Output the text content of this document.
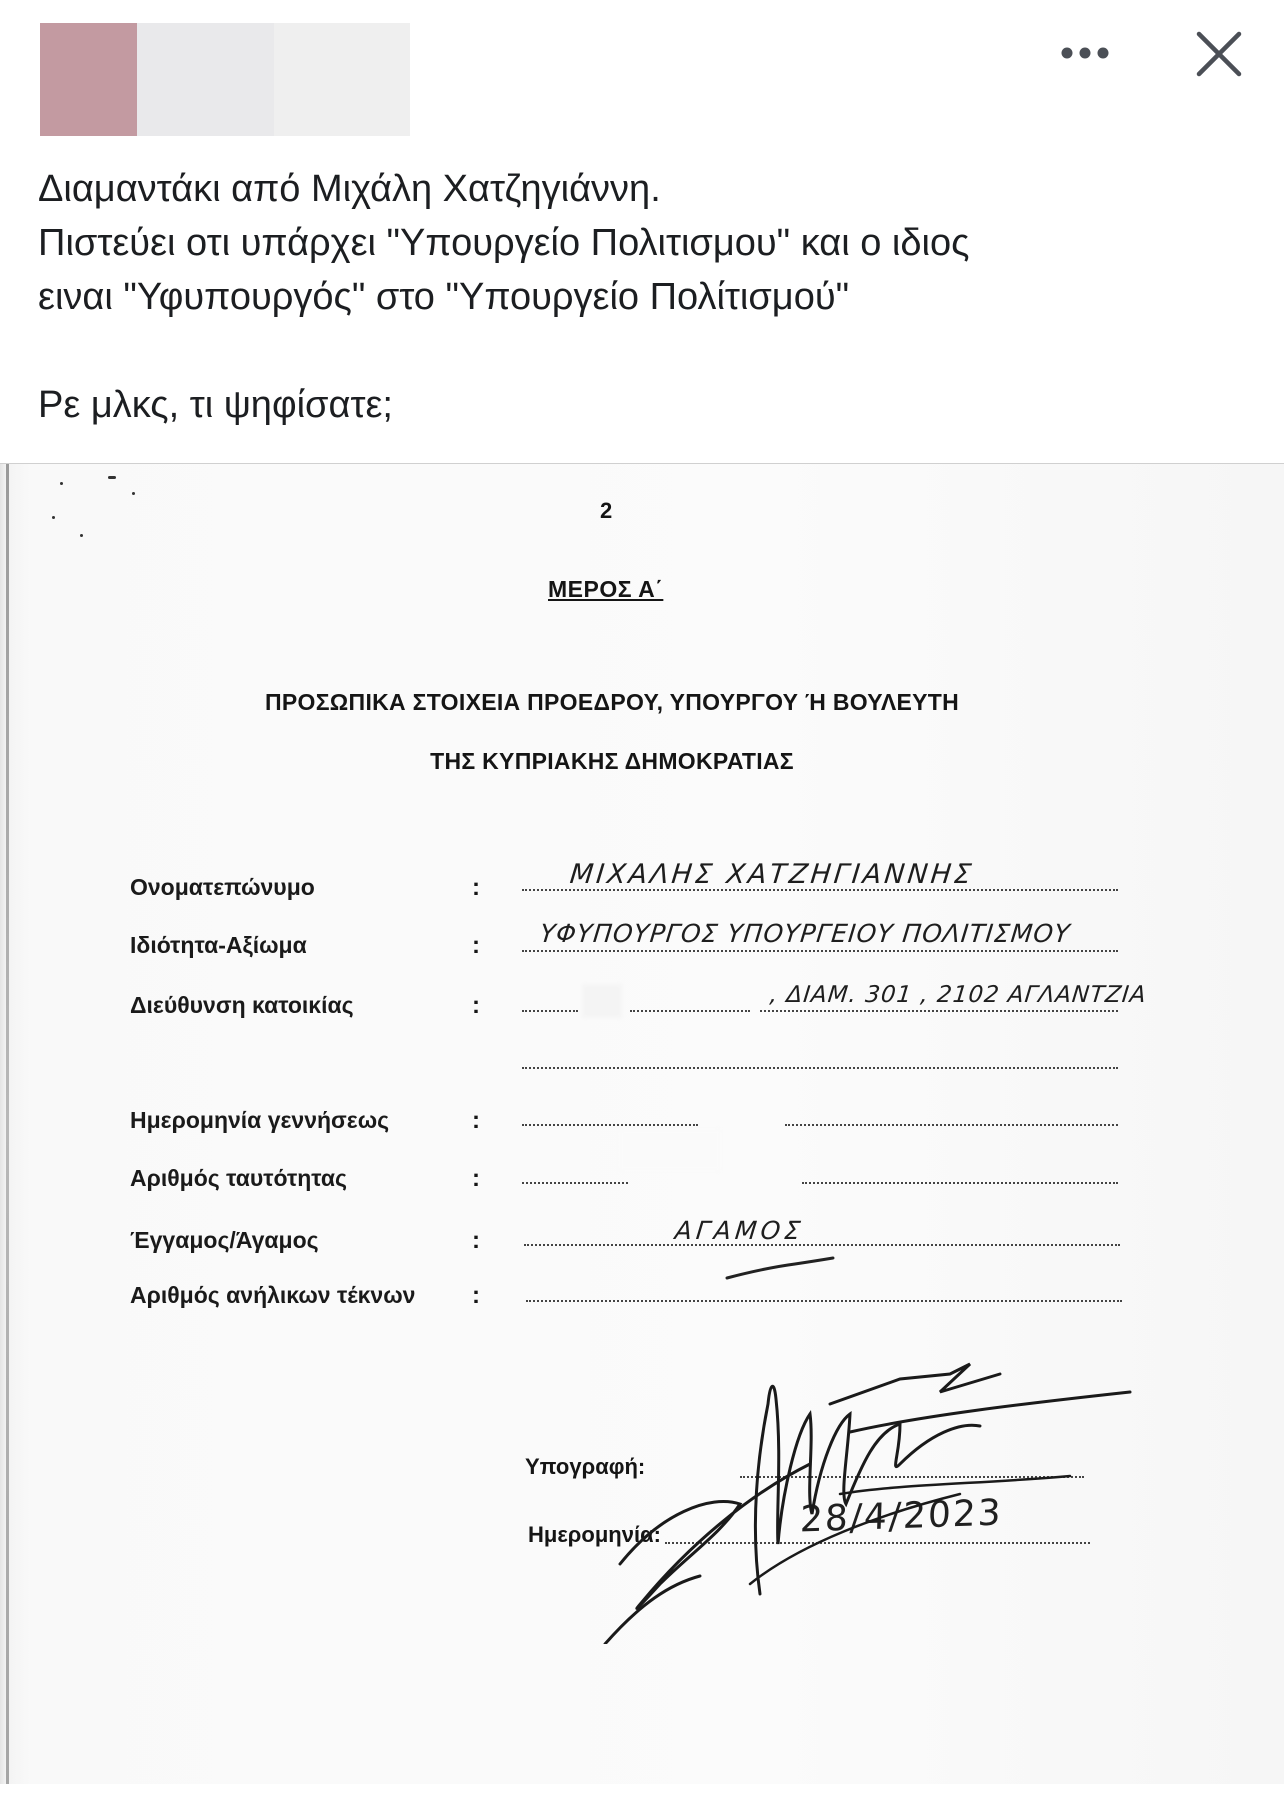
Διαμαντάκι από Μιχάλη Χατζηγιάννη.

Πιστεύει οτι υπάρχει "Υπουργείο Πολιτισμου" και ο ιδιος

ειναι "Υφυπουργός" στο "Υπουργείο Πολίτισμού"

Ρε μλκς, τι ψηφίσατε;

2
ΜΕΡΟΣ Α΄
ΠΡΟΣΩΠΙΚΑ ΣΤΟΙΧΕΙΑ ΠΡΟΕΔΡΟΥ, ΥΠΟΥΡΓΟΥ Ή ΒΟΥΛΕΥΤΗ
ΤΗΣ ΚΥΠΡΙΑΚΗΣ ΔΗΜΟΚΡΑΤΙΑΣ
Ονοματεπώνυμο	:	ΜΙΧΑΛΗΣ ΧΑΤΖΗΓΙΑΝΝΗΣ
Ιδιότητα-Αξίωμα	: ΥΦΥΠΟΥΡΓΟΣ ΥΠΟΥΡΓΕΙΟΥ ΠΟΛΙΤΙΣΜΟΥ
Διεύθυνση κατοικίας	:	, ΔΙΑΜ. 301 , 2102 ΑΓΛΑΝΤΖΙΑ
Ημερομηνία γεννήσεως	:
Αριθμός ταυτότητας	:
Έγγαμος/Άγαμος	:	ΑΓΑΜΟΣ
Αριθμός ανήλικων τέκνων :
Υπογραφή:
Ημερομηνία:	28/4/2023
